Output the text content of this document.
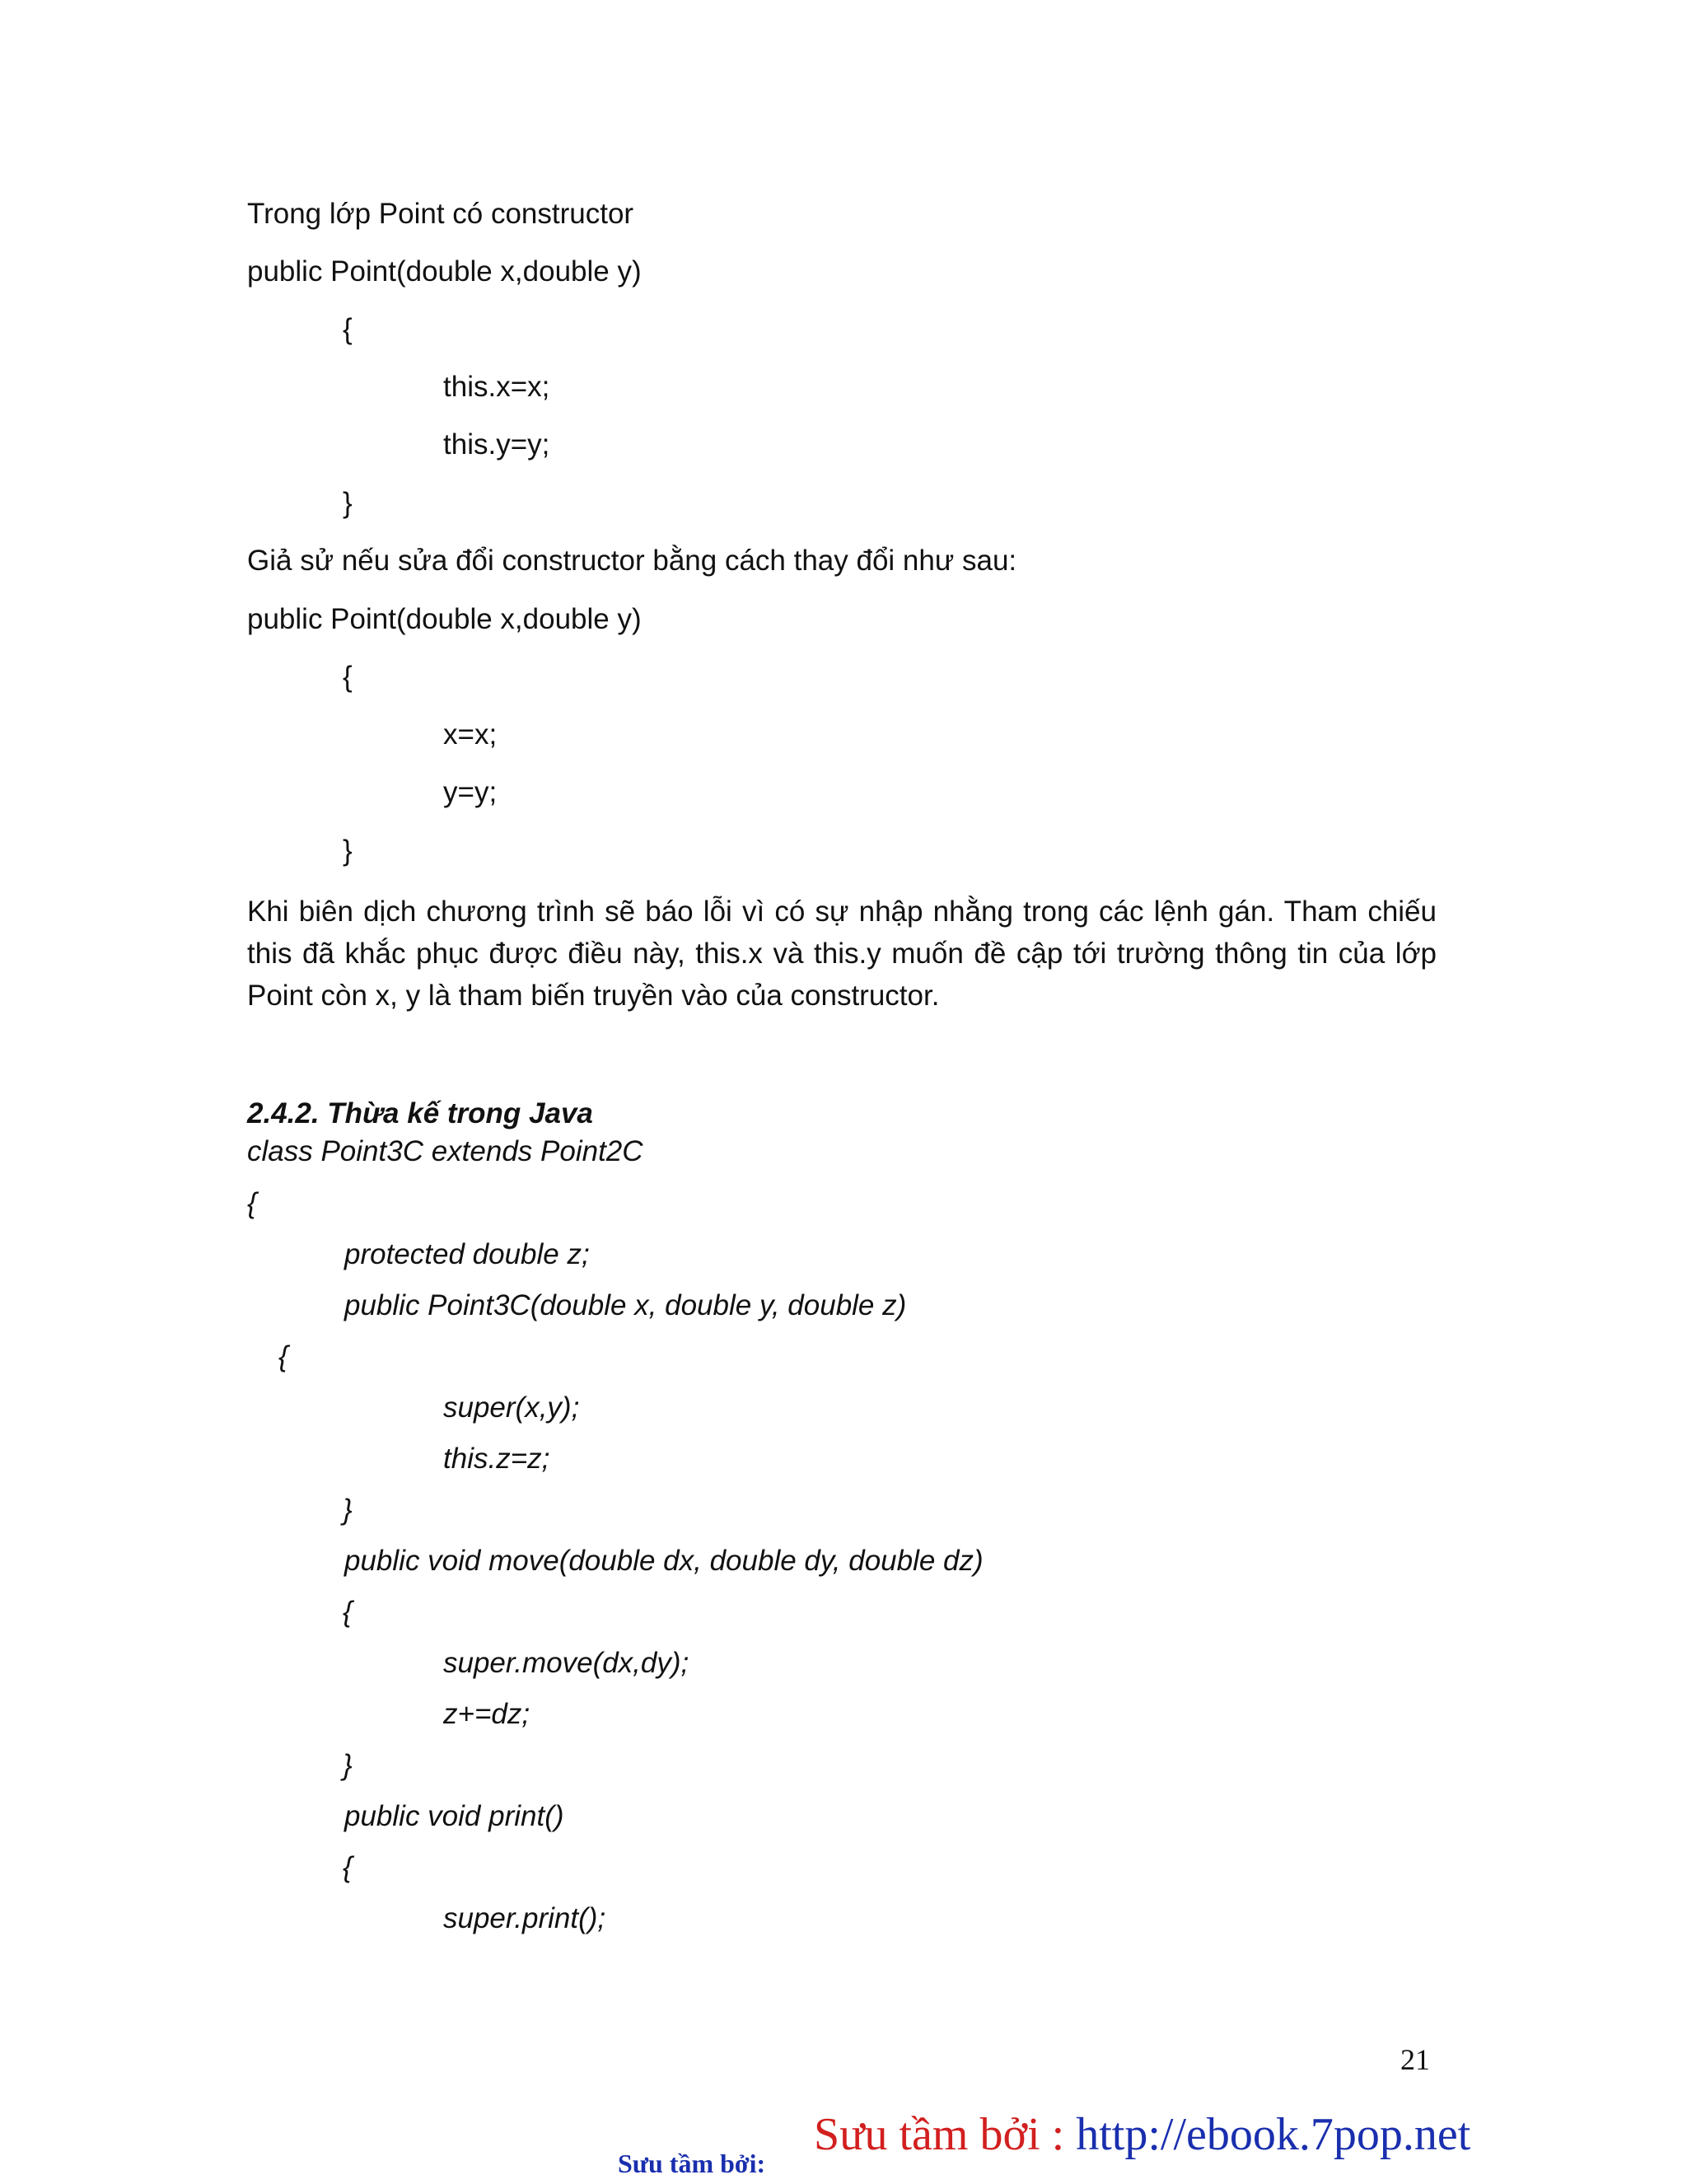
Trong lớp Point có constructor
public Point(double x,double y)
{
this.x=x;
this.y=y;
}
Giả sử nếu sửa đổi constructor bằng cách thay đổi như sau:
public Point(double x,double y)
{
x=x;
y=y;
}
Khi biên dịch chương trình sẽ báo lỗi vì có sự nhập nhằng trong các lệnh gán. Tham chiếu this đã khắc phục được điều này, this.x và this.y muốn đề cập tới trường thông tin của lớp Point còn x, y là tham biến truyền vào của constructor.
2.4.2. Thừa kế trong Java
class Point3C extends Point2C
{
protected double z;
public Point3C(double x, double y, double z)
{
super(x,y);
this.z=z;
}
public void move(double dx, double dy, double dz)
{
super.move(dx,dy);
z+=dz;
}
public void print()
{
super.print();
21
Sưu tầm bởi : http://ebook.7pop.net
Sưu tầm bởi:
